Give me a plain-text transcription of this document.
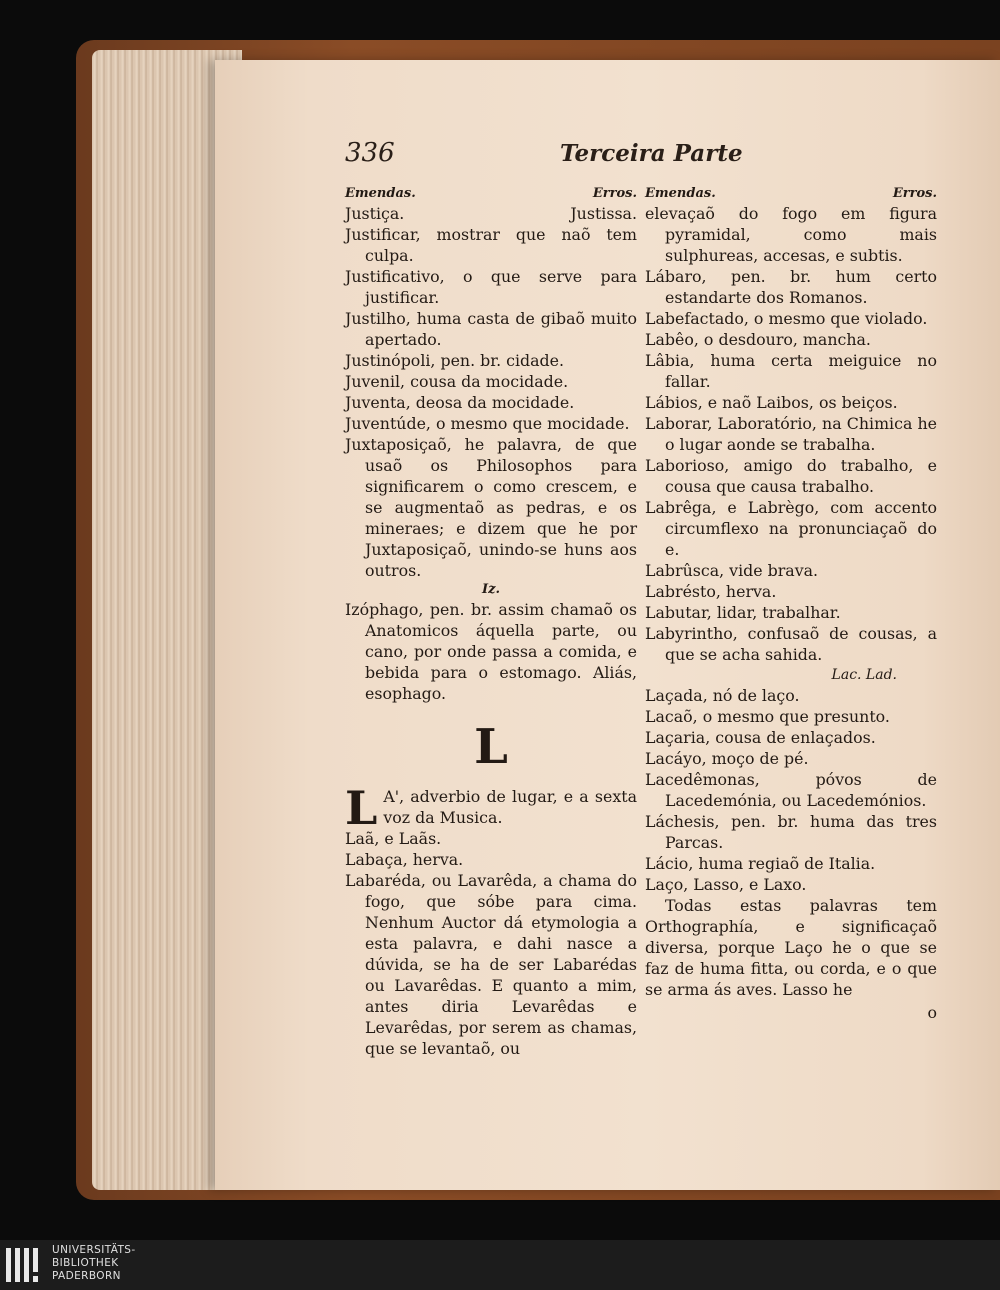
336	Terceira Parte
Emendas.	Erros.
Justiça.	Justissa.
Justificar, mostrar que naõ tem culpa.
Justificativo, o que serve para justificar.
Justilho, huma casta de gibaõ muito apertado.
Justinópoli, pen. br. cidade.
Juvenil, cousa da mocidade.
Juventa, deosa da mocidade.
Juventúde, o mesmo que mocidade.
Juxtaposiçaõ, he palavra, de que usaõ os Philosophos para significarem o como crescem, e se augmentaõ as pedras, e os mineraes; e dizem que he por Juxtaposiçaõ, unindo-se huns aos outros.
Iz.
Izóphago, pen. br. assim chamaõ os Anatomicos áquella parte, ou cano, por onde passa a comida, e bebida para o estomago. Aliás, esophago.
L
L A', adverbio de lugar, e a sexta voz da Musica.
Laã, e Laãs.
Labaça, herva.
Labaréda, ou Lavarêda, a chama do fogo, que sóbe para cima. Nenhum Auctor dá etymologia a esta palavra, e dahi nasce a dúvida, se ha de ser Labarédas ou Lavarêdas. E quanto a mim, antes diria Levarêdas e Levarêdas, por serem as chamas, que se levantaõ, ou
Emendas.	Erros.
elevaçaõ do fogo em figura pyramidal, como mais sulphureas, accesas, e subtis.
Lábaro, pen. br. hum certo estandarte dos Romanos.
Labefactado, o mesmo que violado.
Labêo, o desdouro, mancha.
Lâbia, huma certa meiguice no fallar.
Lábios, e naõ Laibos, os beiços.
Laborar, Laboratório, na Chimica he o lugar aonde se trabalha.
Laborioso, amigo do trabalho, e cousa que causa trabalho.
Labrêga, e Labrègo, com accento circumflexo na pronunciaçaõ do e.
Labrûsca, vide brava.
Labrésto, herva.
Labutar, lidar, trabalhar.
Labyrintho, confusaõ de cousas, a que se acha sahida.
Lac. Lad.
Laçada, nó de laço.
Lacaõ, o mesmo que presunto.
Laçaria, cousa de enlaçados.
Lacáyo, moço de pé.
Lacedêmonas, póvos de Lacedemónia, ou Lacedemónios.
Láchesis, pen. br. huma das tres Parcas.
Lácio, huma regiaõ de Italia.
Laço, Lasso, e Laxo.
Todas estas palavras tem Orthographía, e significaçaõ diversa, porque Laço he o que se faz de huma fitta, ou corda, e o que se arma ás aves. Lasso he
o
UNIVERSITÄTS-
BIBLIOTHEK
PADERBORN
